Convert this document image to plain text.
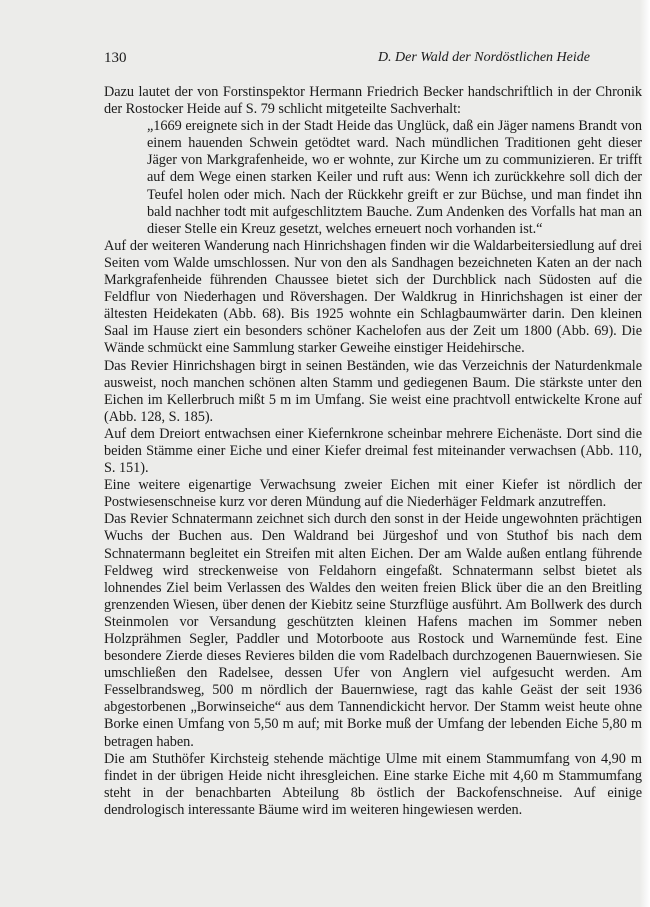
130	D. Der Wald der Nordöstlichen Heide

Dazu lautet der von Forstinspektor Hermann Friedrich Becker handschriftlich in der Chronik der Rostocker Heide auf S. 79 schlicht mitgeteilte Sachverhalt:

„1669 ereignete sich in der Stadt Heide das Unglück, daß ein Jäger namens Brandt von einem hauenden Schwein getödtet ward. Nach mündlichen Traditionen geht dieser Jäger von Markgrafenheide, wo er wohnte, zur Kirche um zu communizieren. Er trifft auf dem Wege einen starken Keiler und ruft aus: Wenn ich zurückkehre soll dich der Teufel holen oder mich. Nach der Rückkehr greift er zur Büchse, und man findet ihn bald nachher todt mit aufgeschlitztem Bauche. Zum Andenken des Vorfalls hat man an dieser Stelle ein Kreuz gesetzt, welches erneuert noch vorhanden ist.“

Auf der weiteren Wanderung nach Hinrichshagen finden wir die Waldarbeitersiedlung auf drei Seiten vom Walde umschlossen. Nur von den als Sandhagen bezeichneten Katen an der nach Markgrafenheide führenden Chaussee bietet sich der Durchblick nach Südosten auf die Feldflur von Niederhagen und Rövershagen. Der Waldkrug in Hinrichshagen ist einer der ältesten Heidekaten (Abb. 68). Bis 1925 wohnte ein Schlagbaumwärter darin. Den kleinen Saal im Hause ziert ein besonders schöner Kachelofen aus der Zeit um 1800 (Abb. 69). Die Wände schmückt eine Sammlung starker Geweihe einstiger Heidehirsche.

Das Revier Hinrichshagen birgt in seinen Beständen, wie das Verzeichnis der Naturdenkmale ausweist, noch manchen schönen alten Stamm und gediegenen Baum. Die stärkste unter den Eichen im Kellerbruch mißt 5 m im Umfang. Sie weist eine prachtvoll entwickelte Krone auf (Abb. 128, S. 185).

Auf dem Dreiort entwachsen einer Kiefernkrone scheinbar mehrere Eichenäste. Dort sind die beiden Stämme einer Eiche und einer Kiefer dreimal fest miteinander verwachsen (Abb. 110, S. 151).

Eine weitere eigenartige Verwachsung zweier Eichen mit einer Kiefer ist nördlich der Postwiesenschneise kurz vor deren Mündung auf die Niederhäger Feldmark anzutreffen.

Das Revier Schnatermann zeichnet sich durch den sonst in der Heide ungewohnten prächtigen Wuchs der Buchen aus. Den Waldrand bei Jürgeshof und von Stuthof bis nach dem Schnatermann begleitet ein Streifen mit alten Eichen. Der am Walde außen entlang führende Feldweg wird streckenweise von Feldahorn eingefaßt. Schnatermann selbst bietet als lohnendes Ziel beim Verlassen des Waldes den weiten freien Blick über die an den Breitling grenzenden Wiesen, über denen der Kiebitz seine Sturzflüge ausführt. Am Bollwerk des durch Steinmolen vor Versandung geschützten kleinen Hafens machen im Sommer neben Holzprähmen Segler, Paddler und Motorboote aus Rostock und Warnemünde fest. Eine besondere Zierde dieses Revieres bilden die vom Radelbach durchzogenen Bauernwiesen. Sie umschließen den Radelsee, dessen Ufer von Anglern viel aufgesucht werden. Am Fesselbrandsweg, 500 m nördlich der Bauernwiese, ragt das kahle Geäst der seit 1936 abgestorbenen „Borwinseiche“ aus dem Tannendickicht hervor. Der Stamm weist heute ohne Borke einen Umfang von 5,50 m auf; mit Borke muß der Umfang der lebenden Eiche 5,80 m betragen haben.

Die am Stuthöfer Kirchsteig stehende mächtige Ulme mit einem Stammumfang von 4,90 m findet in der übrigen Heide nicht ihresgleichen. Eine starke Eiche mit 4,60 m Stammumfang steht in der benachbarten Abteilung 8b östlich der Backofenschneise. Auf einige dendrologisch interessante Bäume wird im weiteren hingewiesen werden.
